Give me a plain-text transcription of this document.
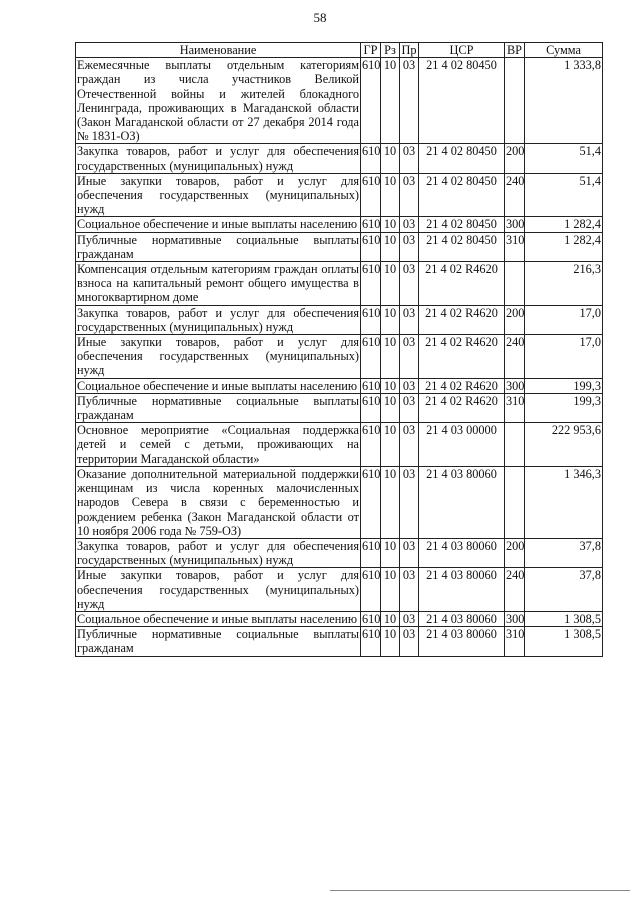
58
Наименование	ГР	Рз	Пр	ЦСР	ВР	Сумма
Ежемесячные выплаты отдельным категориям граждан из числа участников Великой Отечественной войны и жителей блокадного Ленинграда, проживающих в Магаданской области (Закон Магаданской области от 27 декабря 2014 года № 1831-ОЗ)	610	10	03	21 4 02 80450		1 333,8
Закупка товаров, работ и услуг для обеспечения государственных (муниципальных) нужд	610	10	03	21 4 02 80450	200	51,4
Иные закупки товаров, работ и услуг для обеспечения государственных (муниципальных) нужд	610	10	03	21 4 02 80450	240	51,4
Социальное обеспечение и иные выплаты населению	610	10	03	21 4 02 80450	300	1 282,4
Публичные нормативные социальные выплаты гражданам	610	10	03	21 4 02 80450	310	1 282,4
Компенсация отдельным категориям граждан оплаты взноса на капитальный ремонт общего имущества в многоквартирном доме	610	10	03	21 4 02 R4620		216,3
Закупка товаров, работ и услуг для обеспечения государственных (муниципальных) нужд	610	10	03	21 4 02 R4620	200	17,0
Иные закупки товаров, работ и услуг для обеспечения государственных (муниципальных) нужд	610	10	03	21 4 02 R4620	240	17,0
Социальное обеспечение и иные выплаты населению	610	10	03	21 4 02 R4620	300	199,3
Публичные нормативные социальные выплаты гражданам	610	10	03	21 4 02 R4620	310	199,3
Основное мероприятие «Социальная поддержка детей и семей с детьми, проживающих на территории Магаданской области»	610	10	03	21 4 03 00000		222 953,6
Оказание дополнительной материальной поддержки женщинам из числа коренных малочисленных народов Севера в связи с беременностью и рождением ребенка (Закон Магаданской области от 10 ноября 2006 года № 759-ОЗ)	610	10	03	21 4 03 80060		1 346,3
Закупка товаров, работ и услуг для обеспечения государственных (муниципальных) нужд	610	10	03	21 4 03 80060	200	37,8
Иные закупки товаров, работ и услуг для обеспечения государственных (муниципальных) нужд	610	10	03	21 4 03 80060	240	37,8
Социальное обеспечение и иные выплаты населению	610	10	03	21 4 03 80060	300	1 308,5
Публичные нормативные социальные выплаты гражданам	610	10	03	21 4 03 80060	310	1 308,5
